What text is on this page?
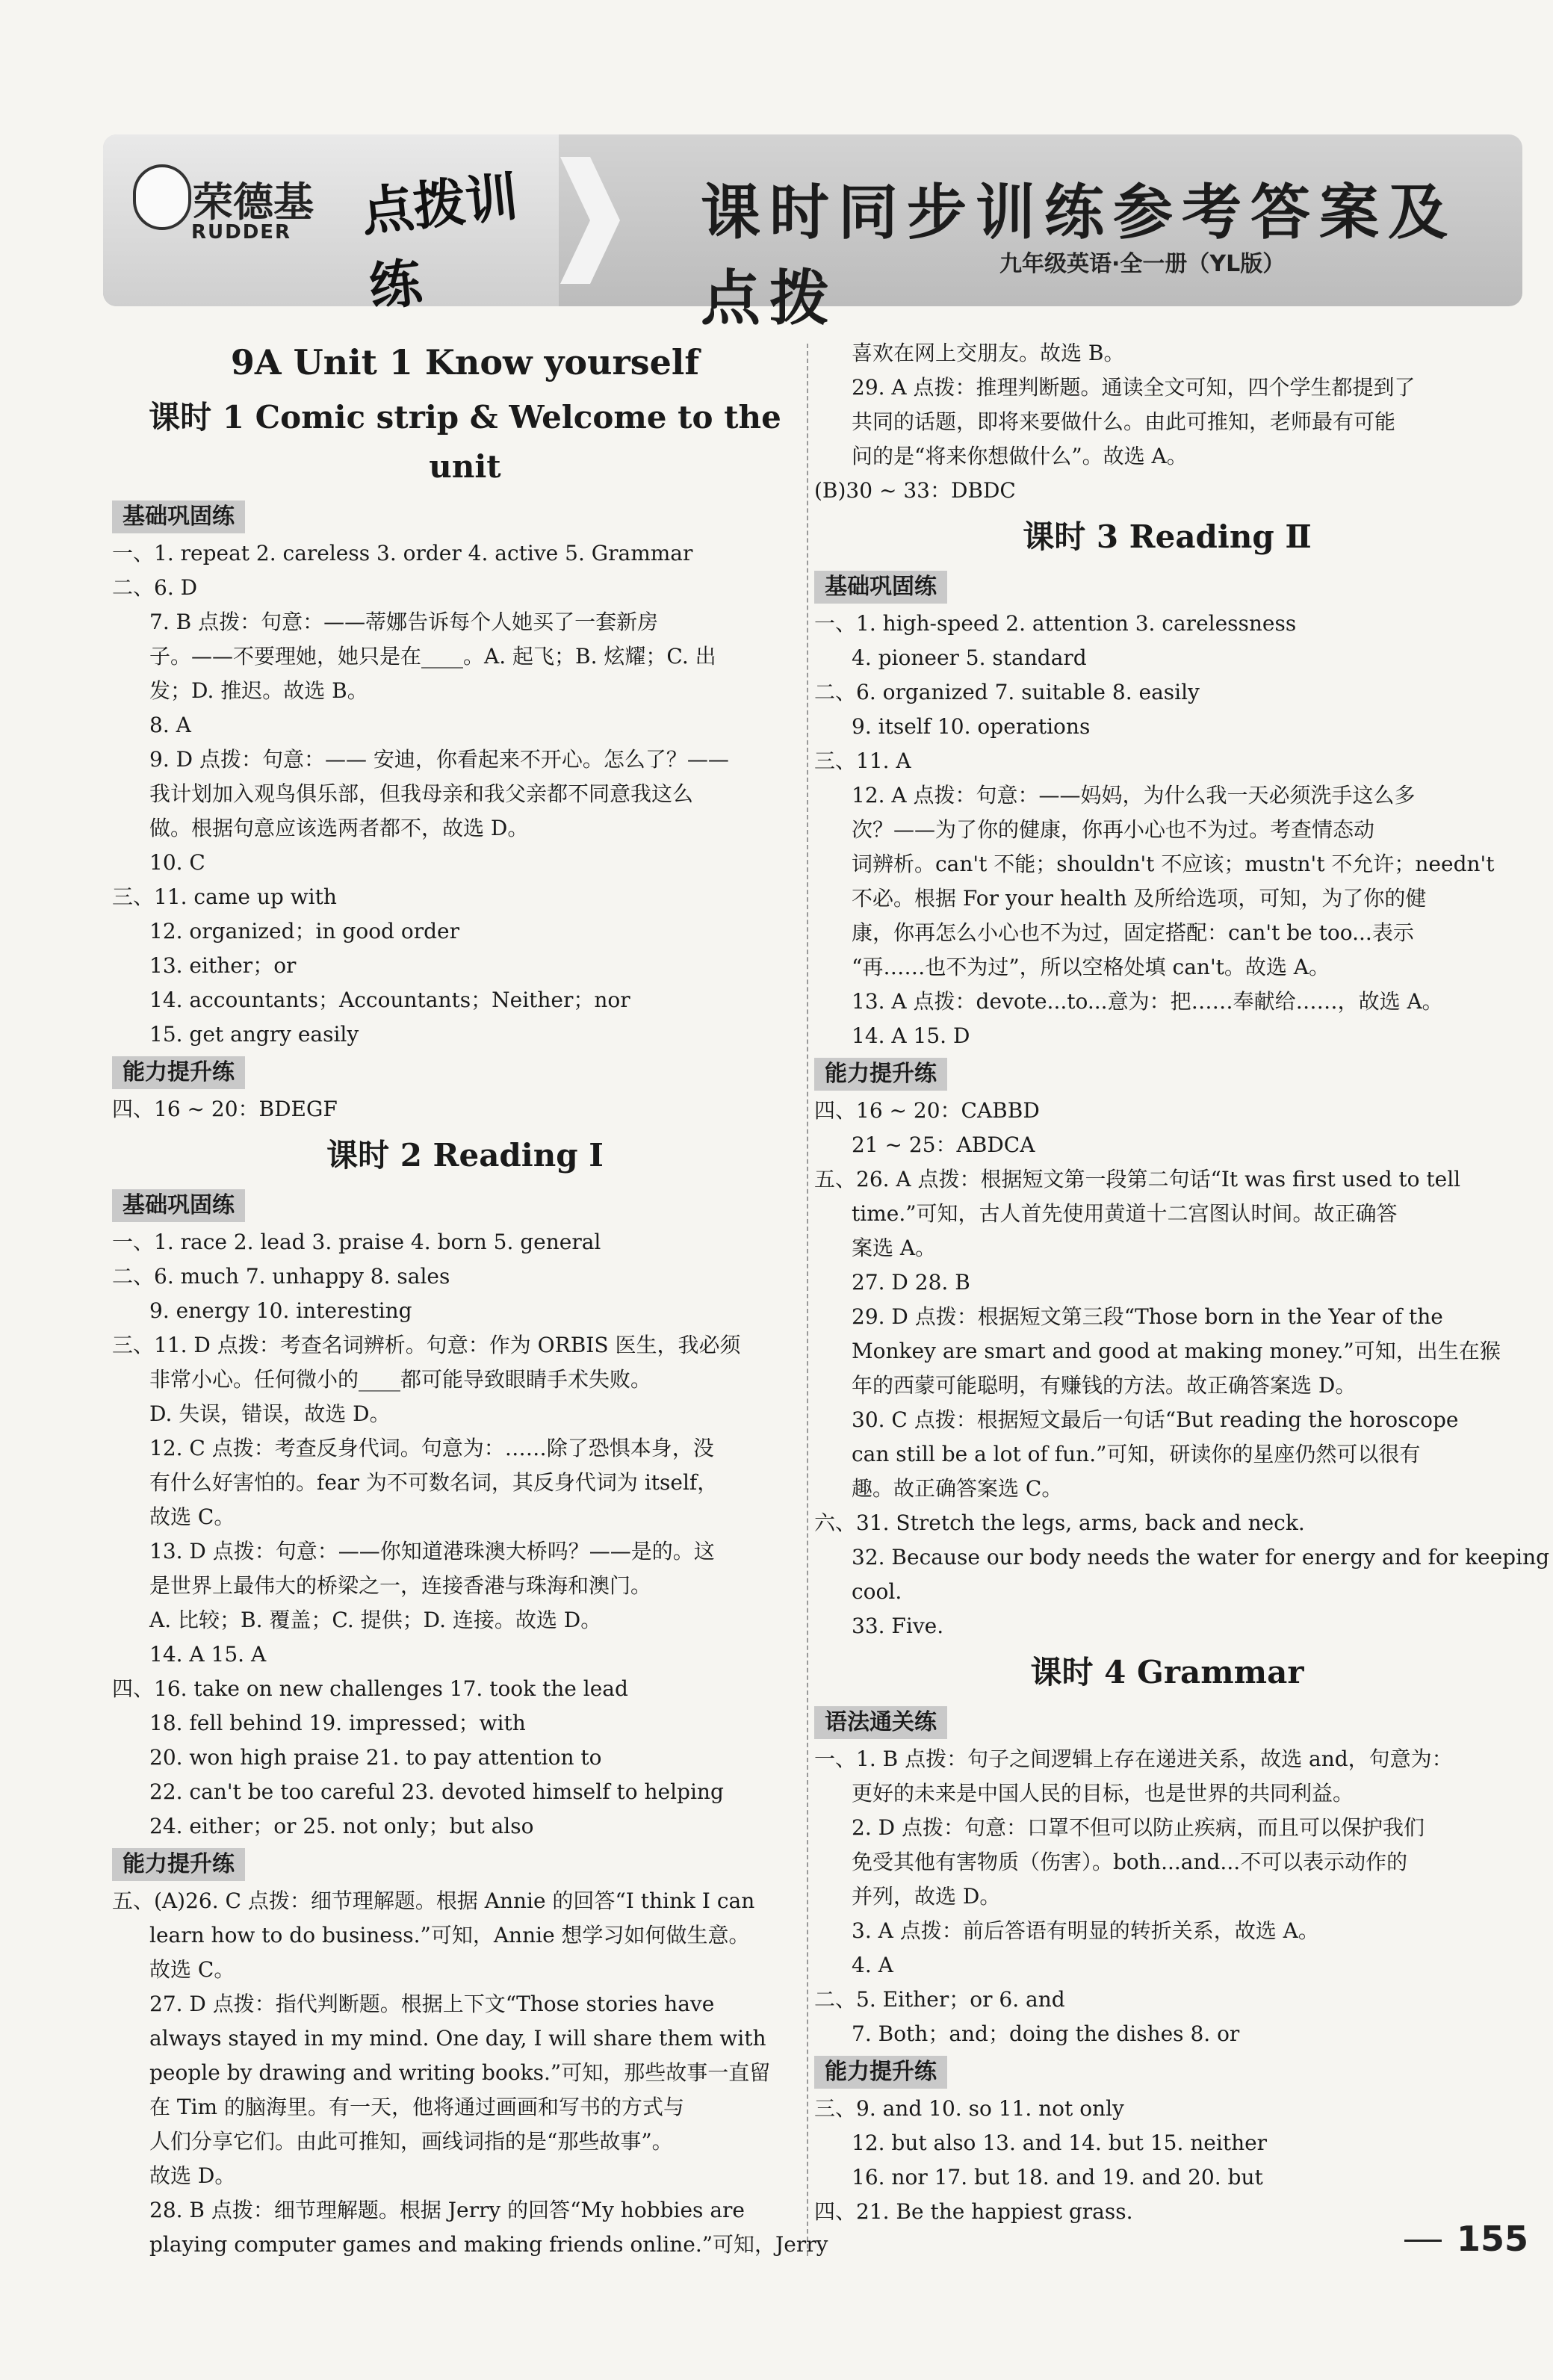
荣德基
RUDDER 点拨训练
课时同步训练参考答案及点拨	九年级英语·全一册（YL版）
9A Unit 1 Know yourself
课时 1 Comic strip & Welcome to the unit
基础巩固练
一、1. repeat 2. careless 3. order 4. active 5. Grammar
二、6. D
7. B 点拨：句意：——蒂娜告诉每个人她买了一套新房
子。——不要理她，她只是在____。A. 起飞；B. 炫耀；C. 出
发；D. 推迟。故选 B。
8. A
9. D 点拨：句意：—— 安迪，你看起来不开心。怎么了？——
我计划加入观鸟俱乐部，但我母亲和我父亲都不同意我这么
做。根据句意应该选两者都不，故选 D。
10. C
三、11. came up with
12. organized；in good order
13. either；or
14. accountants；Accountants；Neither；nor
15. get angry easily
能力提升练
四、16 ~ 20：BDEGF
课时 2 Reading Ⅰ
基础巩固练
一、1. race 2. lead 3. praise 4. born 5. general
二、6. much 7. unhappy 8. sales
9. energy 10. interesting
三、11. D 点拨：考查名词辨析。句意：作为 ORBIS 医生，我必须
非常小心。任何微小的____都可能导致眼睛手术失败。
D. 失误，错误，故选 D。
12. C 点拨：考查反身代词。句意为：……除了恐惧本身，没
有什么好害怕的。fear 为不可数名词，其反身代词为 itself，
故选 C。
13. D 点拨：句意：——你知道港珠澳大桥吗？——是的。这
是世界上最伟大的桥梁之一，连接香港与珠海和澳门。
A. 比较；B. 覆盖；C. 提供；D. 连接。故选 D。
14. A 15. A
四、16. take on new challenges 17. took the lead
18. fell behind 19. impressed；with
20. won high praise 21. to pay attention to
22. can't be too careful 23. devoted himself to helping
24. either；or 25. not only；but also
能力提升练
五、(A)26. C 点拨：细节理解题。根据 Annie 的回答“I think I can
learn how to do business.”可知，Annie 想学习如何做生意。
故选 C。
27. D 点拨：指代判断题。根据上下文“Those stories have
always stayed in my mind. One day, I will share them with
people by drawing and writing books.”可知，那些故事一直留
在 Tim 的脑海里。有一天，他将通过画画和写书的方式与
人们分享它们。由此可推知，画线词指的是“那些故事”。
故选 D。
28. B 点拨：细节理解题。根据 Jerry 的回答“My hobbies are
playing computer games and making friends online.”可知，Jerry
喜欢在网上交朋友。故选 B。
29. A 点拨：推理判断题。通读全文可知，四个学生都提到了
共同的话题，即将来要做什么。由此可推知，老师最有可能
问的是“将来你想做什么”。故选 A。
(B)30 ~ 33：DBDC
课时 3 Reading Ⅱ
基础巩固练
一、1. high-speed 2. attention 3. carelessness
4. pioneer 5. standard
二、6. organized 7. suitable 8. easily
9. itself 10. operations
三、11. A
12. A 点拨：句意：——妈妈，为什么我一天必须洗手这么多
次？——为了你的健康，你再小心也不为过。考查情态动
词辨析。can't 不能；shouldn't 不应该；mustn't 不允许；needn't
不必。根据 For your health 及所给选项，可知，为了你的健
康，你再怎么小心也不为过，固定搭配：can't be too...表示
“再……也不为过”，所以空格处填 can't。故选 A。
13. A 点拨：devote...to...意为：把……奉献给……，故选 A。
14. A 15. D
能力提升练
四、16 ~ 20：CABBD
21 ~ 25：ABDCA
五、26. A 点拨：根据短文第一段第二句话“It was first used to tell
time.”可知，古人首先使用黄道十二宫图认时间。故正确答
案选 A。
27. D 28. B
29. D 点拨：根据短文第三段“Those born in the Year of the
Monkey are smart and good at making money.”可知，出生在猴
年的西蒙可能聪明，有赚钱的方法。故正确答案选 D。
30. C 点拨：根据短文最后一句话“But reading the horoscope
can still be a lot of fun.”可知，研读你的星座仍然可以很有
趣。故正确答案选 C。
六、31. Stretch the legs, arms, back and neck.
32. Because our body needs the water for energy and for keeping
cool.
33. Five.
课时 4 Grammar
语法通关练
一、1. B 点拨：句子之间逻辑上存在递进关系，故选 and，句意为：
更好的未来是中国人民的目标，也是世界的共同利益。
2. D 点拨：句意：口罩不但可以防止疾病，而且可以保护我们
免受其他有害物质（伤害）。both...and...不可以表示动作的
并列，故选 D。
3. A 点拨：前后答语有明显的转折关系，故选 A。
4. A
二、5. Either；or 6. and
7. Both；and；doing the dishes 8. or
能力提升练
三、9. and 10. so 11. not only
12. but also 13. and 14. but 15. neither
16. nor 17. but 18. and 19. and 20. but
四、21. Be the happiest grass.
155
